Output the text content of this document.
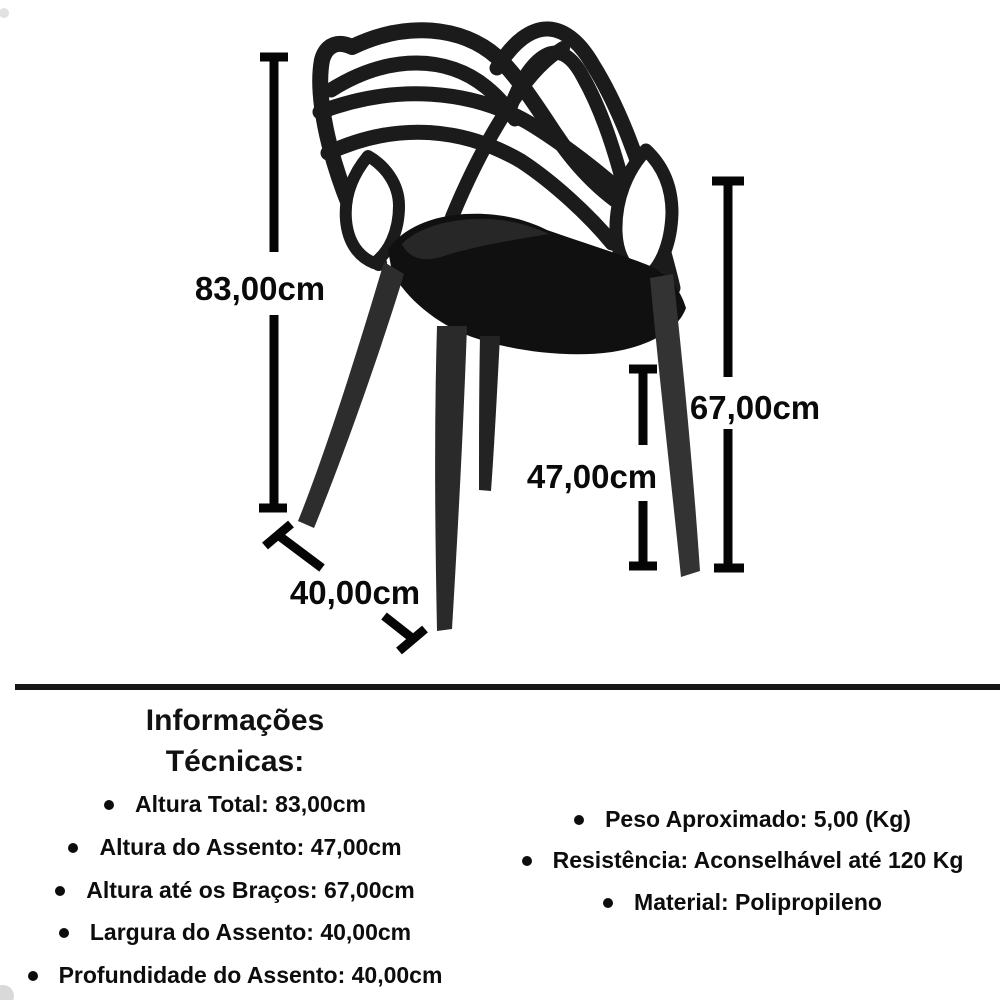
83,00cm
67,00cm
47,00cm
40,00cm
Informações
Técnicas:
Altura Total: 83,00cm
Altura do Assento: 47,00cm
Altura até os Braços: 67,00cm
Largura do Assento: 40,00cm
Profundidade do Assento: 40,00cm
Peso Aproximado: 5,00 (Kg)
Resistência: Aconselhável até 120 Kg
Material: Polipropileno
